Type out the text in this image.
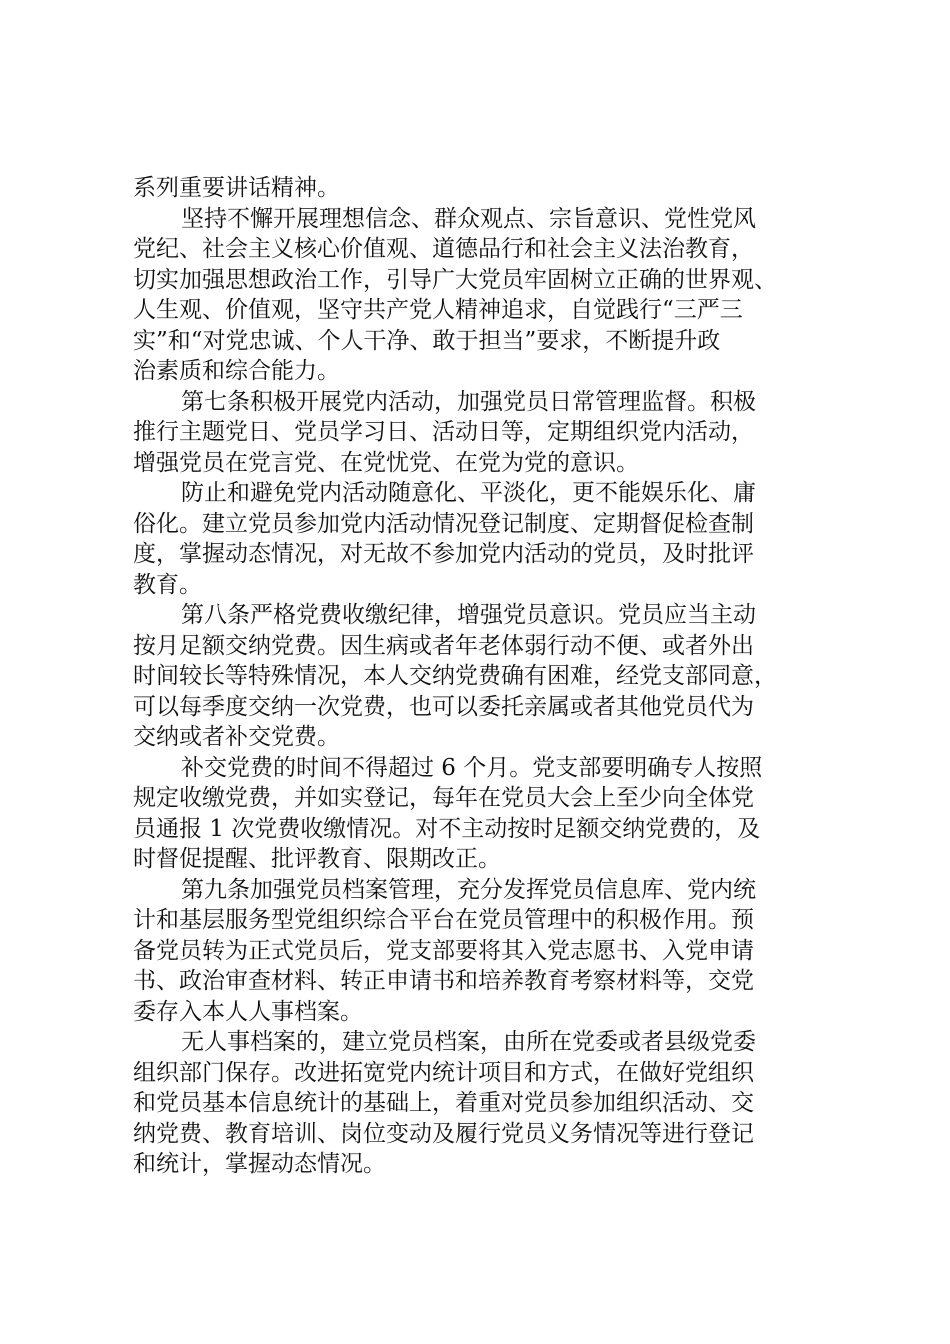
系列重要讲话精神。
坚持不懈开展理想信念、群众观点、宗旨意识、党性党风
党纪、社会主义核心价值观、道德品行和社会主义法治教育，
切实加强思想政治工作，引导广大党员牢固树立正确的世界观、
人生观、价值观，坚守共产党人精神追求，自觉践行“三严三
实”和“对党忠诚、个人干净、敢于担当”要求，不断提升政
治素质和综合能力。
第七条积极开展党内活动，加强党员日常管理监督。积极
推行主题党日、党员学习日、活动日等，定期组织党内活动，
增强党员在党言党、在党忧党、在党为党的意识。
防止和避免党内活动随意化、平淡化，更不能娱乐化、庸
俗化。建立党员参加党内活动情况登记制度、定期督促检查制
度，掌握动态情况，对无故不参加党内活动的党员，及时批评
教育。
第八条严格党费收缴纪律，增强党员意识。党员应当主动
按月足额交纳党费。因生病或者年老体弱行动不便、或者外出
时间较长等特殊情况，本人交纳党费确有困难，经党支部同意，
可以每季度交纳一次党费，也可以委托亲属或者其他党员代为
交纳或者补交党费。
补交党费的时间不得超过 6 个月。党支部要明确专人按照
规定收缴党费，并如实登记，每年在党员大会上至少向全体党
员通报 1 次党费收缴情况。对不主动按时足额交纳党费的，及
时督促提醒、批评教育、限期改正。
第九条加强党员档案管理，充分发挥党员信息库、党内统
计和基层服务型党组织综合平台在党员管理中的积极作用。预
备党员转为正式党员后，党支部要将其入党志愿书、入党申请
书、政治审查材料、转正申请书和培养教育考察材料等，交党
委存入本人人事档案。
无人事档案的，建立党员档案，由所在党委或者县级党委
组织部门保存。改进拓宽党内统计项目和方式，在做好党组织
和党员基本信息统计的基础上，着重对党员参加组织活动、交
纳党费、教育培训、岗位变动及履行党员义务情况等进行登记
和统计，掌握动态情况。
